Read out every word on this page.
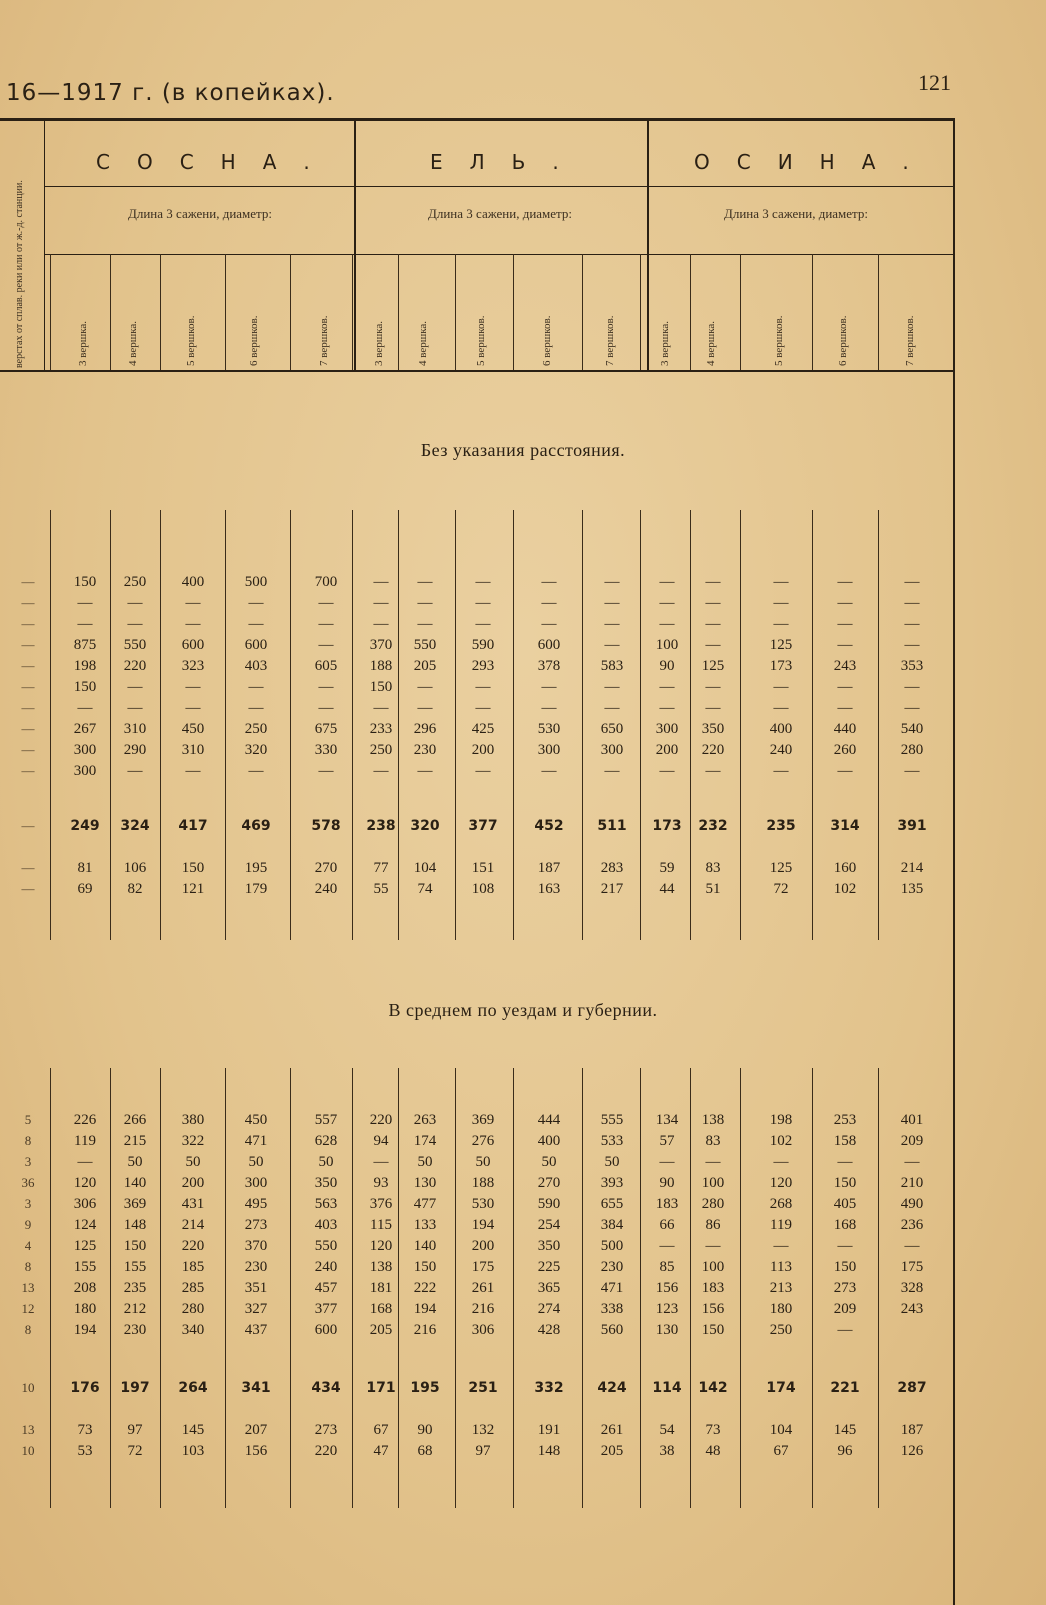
16—1917 г. (в копейках).	121
верстах от сплав. реки или от ж.-д. станции.
СОСНА.	ЕЛЬ.	ОСИНА.
Длина 3 сажени, диаметр:	Длина 3 сажени, диаметр:	Длина 3 сажени, диаметр:
3 вершка.	4 вершка.	5 вершков.	6 вершков.	7 вершков.	3 вершка.	4 вершка.	5 вершков.	6 вершков.	7 вершков.	3 вершка.	4 вершка.	5 вершков.	6 вершков.	7 вершков.
Без указания расстояния.
—	150	250	400	500	700	—	—	—	—	—	—	—	—	—	—
—	—	—	—	—	—	—	—	—	—	—	—	—	—	—	—
—	—	—	—	—	—	—	—	—	—	—	—	—	—	—	—
—	875	550	600	600	—	370	550	590	600	—	100	—	125	—	—
—	198	220	323	403	605	188	205	293	378	583	90	125	173	243	353
—	150	—	—	—	—	150	—	—	—	—	—	—	—	—	—
—	—	—	—	—	—	—	—	—	—	—	—	—	—	—	—
—	267	310	450	250	675	233	296	425	530	650	300	350	400	440	540
—	300	290	310	320	330	250	230	200	300	300	200	220	240	260	280
—	300	—	—	—	—	—	—	—	—	—	—	—	—	—	—
—	249	324	417	469	578	238	320	377	452	511	173	232	235	314	391
—	81	106	150	195	270	77	104	151	187	283	59	83	125	160	214
—	69	82	121	179	240	55	74	108	163	217	44	51	72	102	135
В среднем по уездам и губернии.
5	226	266	380	450	557	220	263	369	444	555	134	138	198	253	401
8	119	215	322	471	628	94	174	276	400	533	57	83	102	158	209
3	—	50	50	50	50	—	50	50	50	50	—	—	—	—	—
36	120	140	200	300	350	93	130	188	270	393	90	100	120	150	210
3	306	369	431	495	563	376	477	530	590	655	183	280	268	405	490
9	124	148	214	273	403	115	133	194	254	384	66	86	119	168	236
4	125	150	220	370	550	120	140	200	350	500	—	—	—	—	—
8	155	155	185	230	240	138	150	175	225	230	85	100	113	150	175
13	208	235	285	351	457	181	222	261	365	471	156	183	213	273	328
12	180	212	280	327	377	168	194	216	274	338	123	156	180	209	243
8	194	230	340	437	600	205	216	306	428	560	130	150	250	—
10	176	197	264	341	434	171	195	251	332	424	114	142	174	221	287
13	73	97	145	207	273	67	90	132	191	261	54	73	104	145	187
10	53	72	103	156	220	47	68	97	148	205	38	48	67	96	126
